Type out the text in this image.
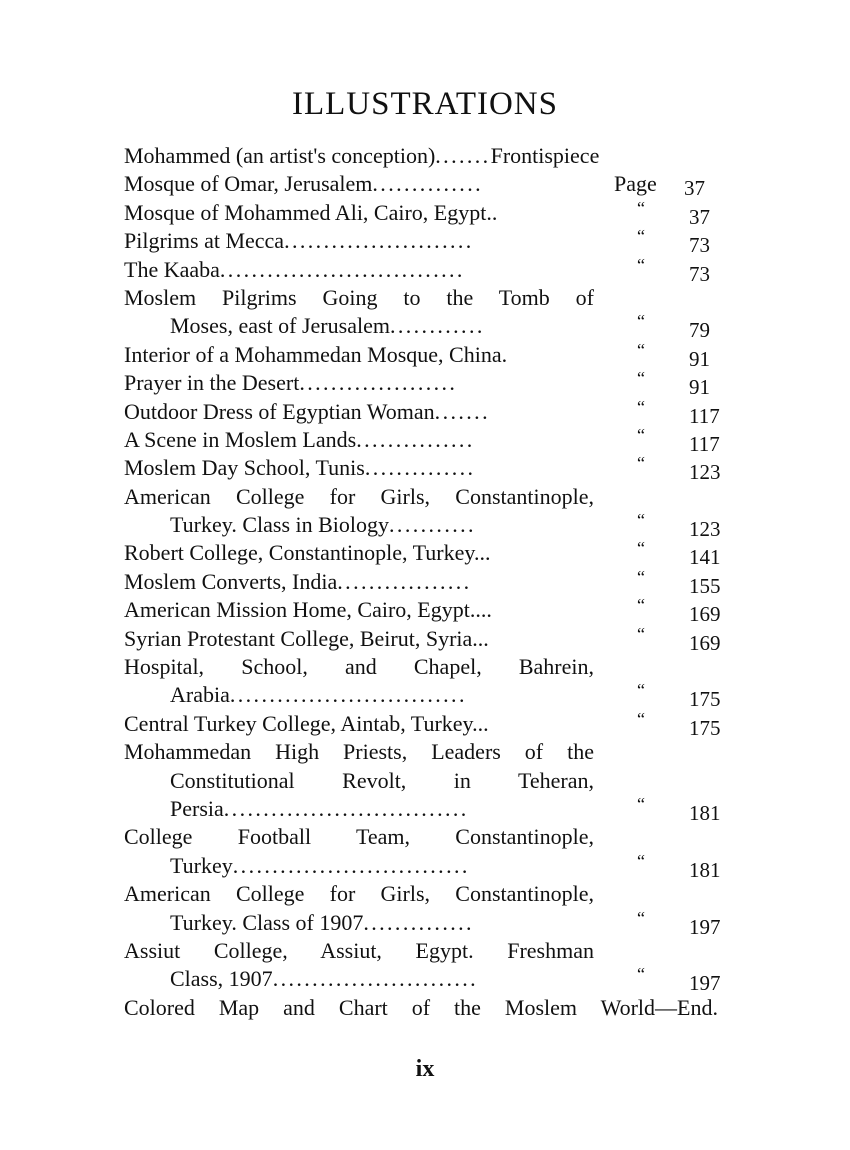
ILLUSTRATIONS
Mohammed (an artist's conception).......Frontispiece
Mosque of Omar, Jerusalem..............	Page 37
Mosque of Mohammed Ali, Cairo, Egypt..	“ 37
Pilgrims at Mecca........................	“ 73
The Kaaba...............................	“ 73
Moslem Pilgrims Going to the Tomb of
Moses, east of Jerusalem............	“ 79
Interior of a Mohammedan Mosque, China.	“ 91
Prayer in the Desert....................	“ 91
Outdoor Dress of Egyptian Woman.......	“ 117
A Scene in Moslem Lands...............	“ 117
Moslem Day School, Tunis..............	“ 123
American College for Girls, Constantinople,
Turkey. Class in Biology...........	“ 123
Robert College, Constantinople, Turkey...	“ 141
Moslem Converts, India.................	“ 155
American Mission Home, Cairo, Egypt....	“ 169
Syrian Protestant College, Beirut, Syria...	“ 169
Hospital, School, and Chapel, Bahrein,
Arabia..............................	“ 175
Central Turkey College, Aintab, Turkey...	“ 175
Mohammedan High Priests, Leaders of the
Constitutional Revolt, in Teheran,
Persia...............................	“ 181
College Football Team, Constantinople,
Turkey..............................	“ 181
American College for Girls, Constantinople,
Turkey. Class of 1907..............	“ 197
Assiut College, Assiut, Egypt. Freshman
Class, 1907..........................	“ 197
Colored Map and Chart of the Moslem World—End.
ix
